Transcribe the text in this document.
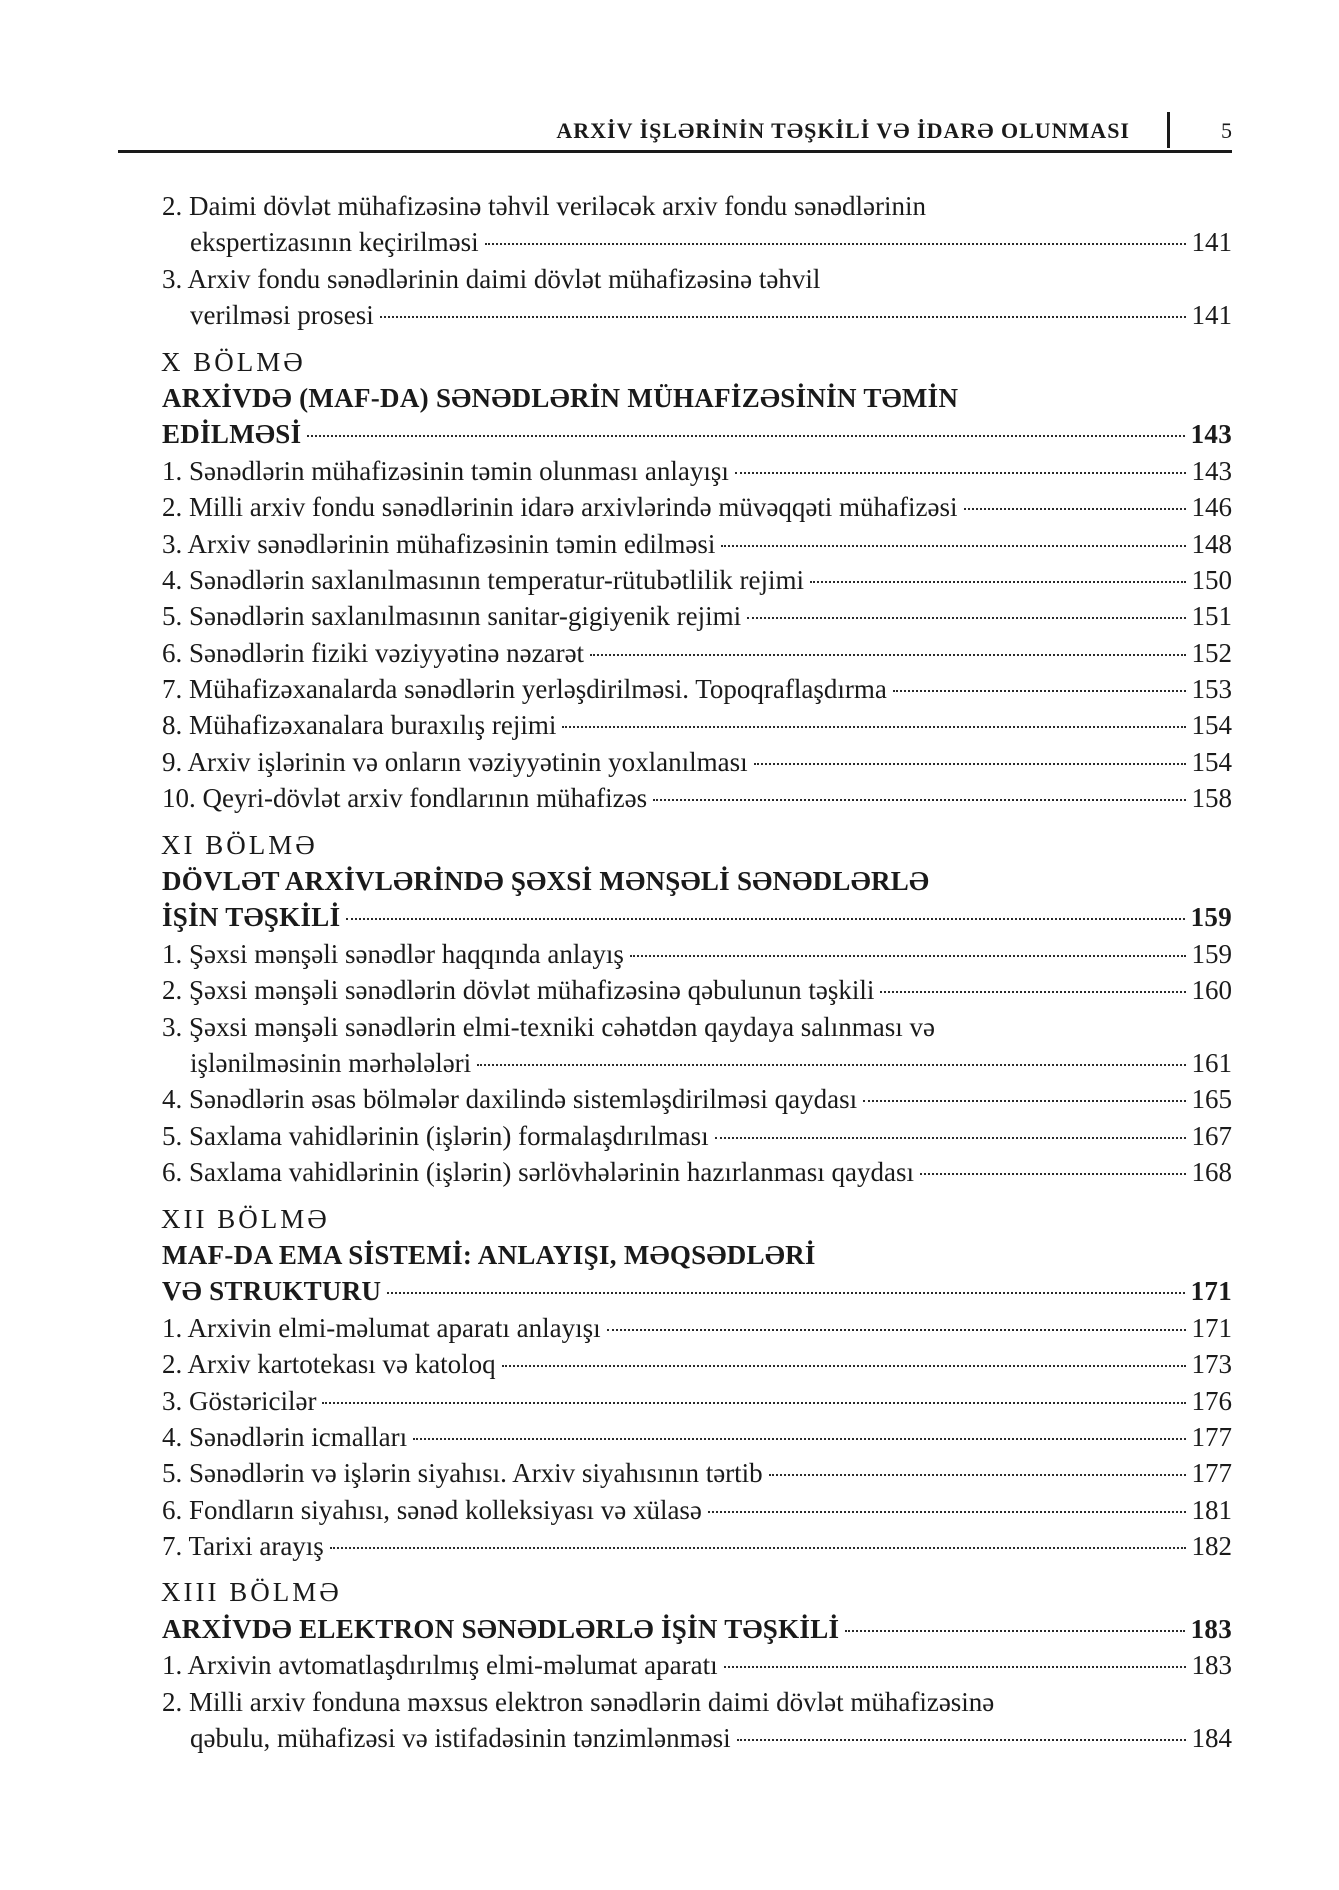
ARXİV İŞLƏRİNİN TƏŞKİLİ VƏ İDARƏ OLUNMASI	5
2. Daimi dövlət mühafizəsinə təhvil veriləcək arxiv fondu sənədlərinin
ekspertizasının keçirilməsi	141
3. Arxiv fondu sənədlərinin daimi dövlət mühafizəsinə təhvil
verilməsi prosesi	141
X BÖLMƏ
ARXİVDƏ (MAF-DA) SƏNƏDLƏRİN MÜHAFİZƏSİNİN TƏMİN
EDİLMƏSİ	143
1. Sənədlərin mühafizəsinin təmin olunması anlayışı	143
2. Milli arxiv fondu sənədlərinin idarə arxivlərində müvəqqəti mühafizəsi	146
3. Arxiv sənədlərinin mühafizəsinin təmin edilməsi	148
4. Sənədlərin saxlanılmasının temperatur-rütubətlilik rejimi	150
5. Sənədlərin saxlanılmasının sanitar-gigiyenik rejimi	151
6. Sənədlərin fiziki vəziyyətinə nəzarət	152
7. Mühafizəxanalarda sənədlərin yerləşdirilməsi. Topoqraflaşdırma	153
8. Mühafizəxanalara buraxılış rejimi	154
9. Arxiv işlərinin və onların vəziyyətinin yoxlanılması	154
10. Qeyri-dövlət arxiv fondlarının mühafizəs	158
XI BÖLMƏ
DÖVLƏT ARXİVLƏRİNDƏ ŞƏXSİ MƏNŞƏLİ SƏNƏDLƏRLƏ
İŞİN TƏŞKİLİ	159
1. Şəxsi mənşəli sənədlər haqqında anlayış	159
2. Şəxsi mənşəli sənədlərin dövlət mühafizəsinə qəbulunun təşkili	160
3. Şəxsi mənşəli sənədlərin elmi-texniki cəhətdən qaydaya salınması və
işlənilməsinin mərhələləri	161
4. Sənədlərin əsas bölmələr daxilində sistemləşdirilməsi qaydası	165
5. Saxlama vahidlərinin (işlərin) formalaşdırılması	167
6. Saxlama vahidlərinin (işlərin) sərlövhələrinin hazırlanması qaydası	168
XII BÖLMƏ
MAF-DA EMA SİSTEMİ: ANLAYIŞI, MƏQSƏDLƏRİ
VƏ STRUKTURU	171
1. Arxivin elmi-məlumat aparatı anlayışı	171
2. Arxiv kartotekası və katoloq	173
3. Göstəricilər	176
4. Sənədlərin icmalları	177
5. Sənədlərin və işlərin siyahısı. Arxiv siyahısının tərtib	177
6. Fondların siyahısı, sənəd kolleksiyası və xülasə	181
7. Tarixi arayış	182
XIII BÖLMƏ
ARXİVDƏ ELEKTRON SƏNƏDLƏRLƏ İŞİN TƏŞKİLİ	183
1. Arxivin avtomatlaşdırılmış elmi-məlumat aparatı	183
2. Milli arxiv fonduna məxsus elektron sənədlərin daimi dövlət mühafizəsinə
qəbulu, mühafizəsi və istifadəsinin tənzimlənməsi	184
